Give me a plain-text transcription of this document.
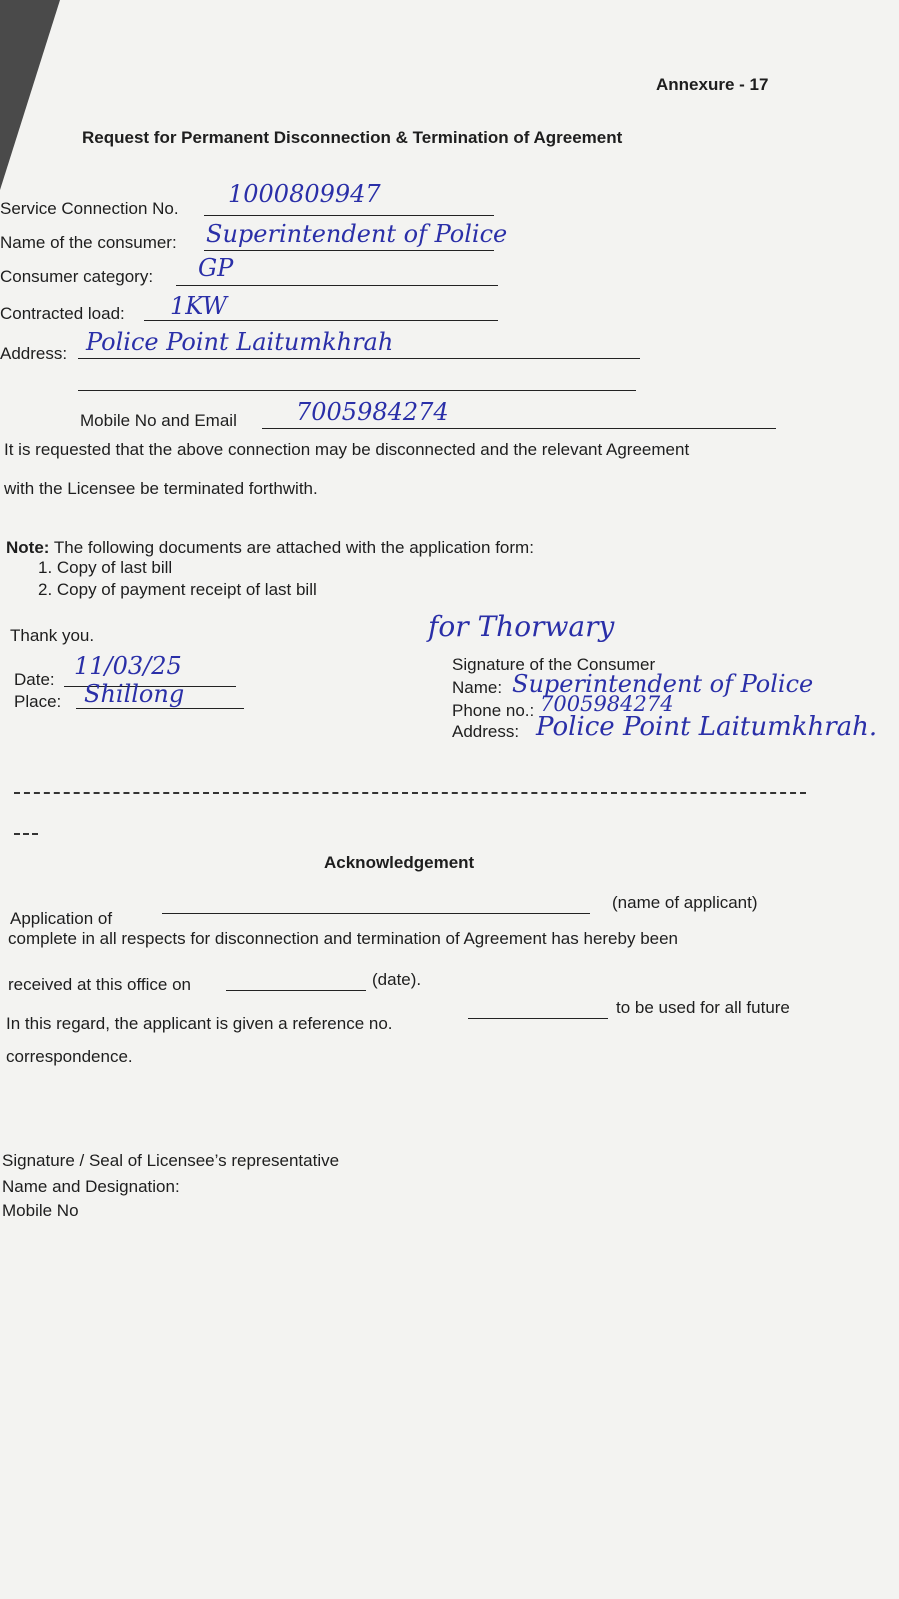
Annexure - 17
Request for Permanent Disconnection & Termination of Agreement
Service Connection No.
1000809947
Name of the consumer: Superintendent of Police
Consumer category: GP
Contracted load: 1KW
Address: Police Point Laitumkhrah
Mobile No and Email 7005984274
It is requested that the above connection may be disconnected and the relevant Agreement
with the Licensee be terminated forthwith.
Note: The following documents are attached with the application form:
1. Copy of last bill
2. Copy of payment receipt of last bill
Thank you.
Date: 11/03/25
Place: Shillong
for Thorwary
Signature of the Consumer
Name: Superintendent of Police
Phone no.: 7005984274
Address: Police Point Laitumkhrah.
Acknowledgement
Application of
(name of applicant)
complete in all respects for disconnection and termination of Agreement has hereby been
received at this office on	(date).
In this regard, the applicant is given a reference no.
to be used for all future
correspondence.
Signature / Seal of Licensee’s representative
Name and Designation:
Mobile No
